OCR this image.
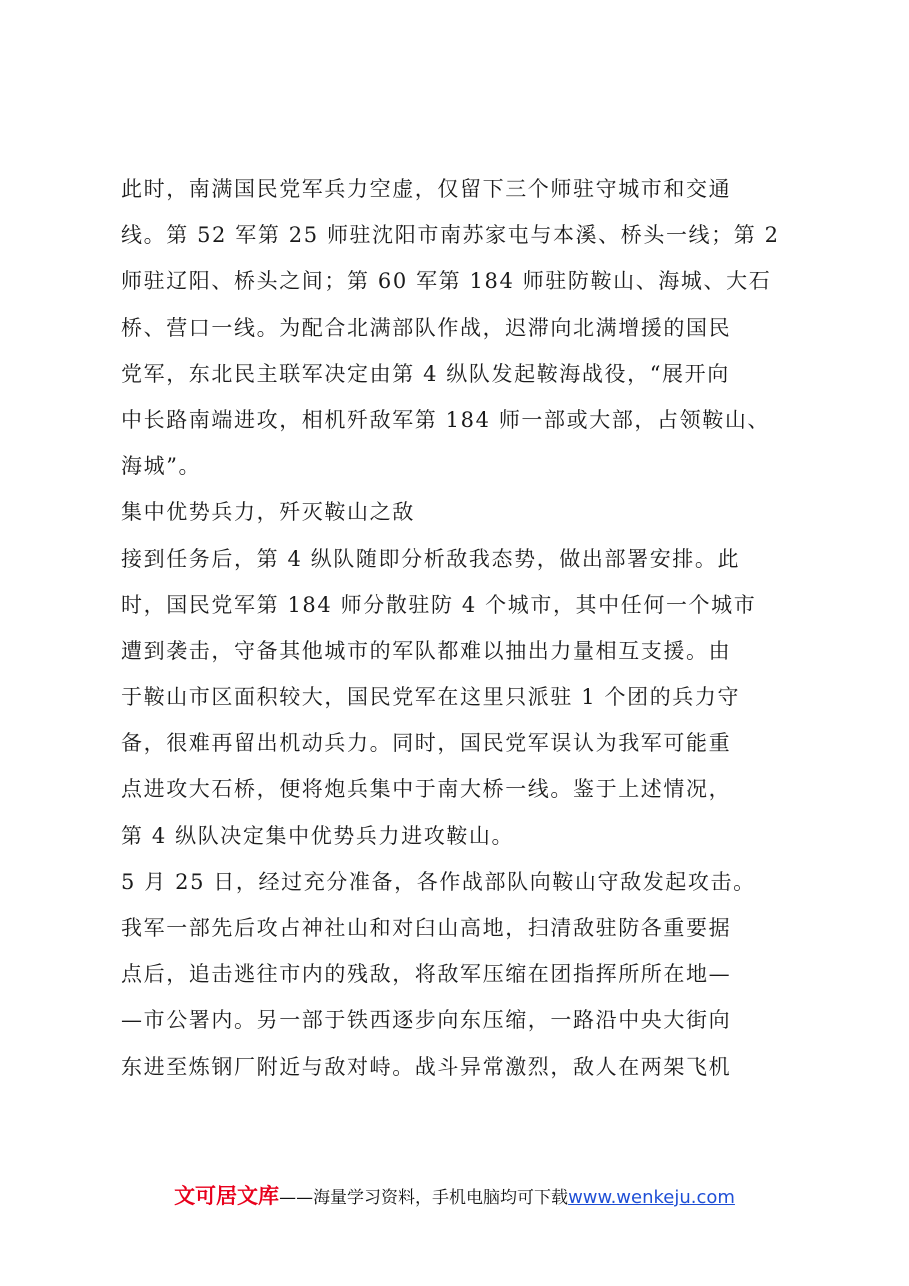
此时，南满国民党军兵力空虚，仅留下三个师驻守城市和交通
线。第 52 军第 25 师驻沈阳市南苏家屯与本溪、桥头一线；第 2
师驻辽阳、桥头之间；第 60 军第 184 师驻防鞍山、海城、大石
桥、营口一线。为配合北满部队作战，迟滞向北满增援的国民
党军，东北民主联军决定由第 4 纵队发起鞍海战役，“展开向
中长路南端进攻，相机歼敌军第 184 师一部或大部，占领鞍山、
海城”。
集中优势兵力，歼灭鞍山之敌
接到任务后，第 4 纵队随即分析敌我态势，做出部署安排。此
时，国民党军第 184 师分散驻防 4 个城市，其中任何一个城市
遭到袭击，守备其他城市的军队都难以抽出力量相互支援。由
于鞍山市区面积较大，国民党军在这里只派驻 1 个团的兵力守
备，很难再留出机动兵力。同时，国民党军误认为我军可能重
点进攻大石桥，便将炮兵集中于南大桥一线。鉴于上述情况，
第 4 纵队决定集中优势兵力进攻鞍山。
5 月 25 日，经过充分准备，各作战部队向鞍山守敌发起攻击。
我军一部先后攻占神社山和对臼山高地，扫清敌驻防各重要据
点后，追击逃往市内的残敌，将敌军压缩在团指挥所所在地—
—市公署内。另一部于铁西逐步向东压缩，一路沿中央大街向
东进至炼钢厂附近与敌对峙。战斗异常激烈，敌人在两架飞机
文可居文库——海量学习资料，手机电脑均可下载www.wenkeju.com
